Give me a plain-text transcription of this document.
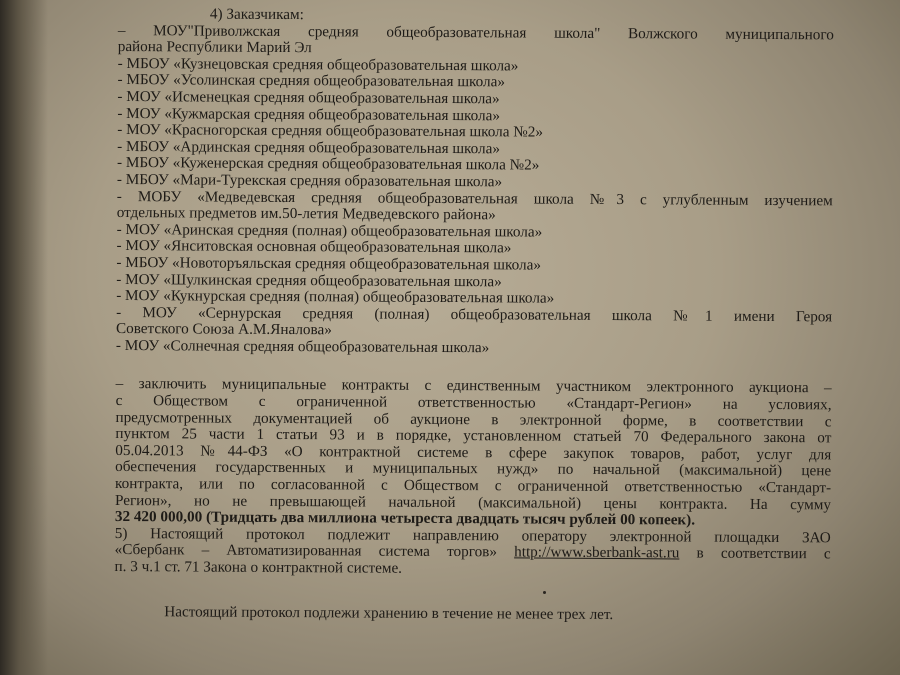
4) Заказчикам:
– МОУ"Приволжская средняя общеобразовательная школа" Волжского муниципального
района Республики Марий Эл
- МБОУ «Кузнецовская средняя общеобразовательная школа»
- МБОУ «Усолинская средняя общеобразовательная школа»
- МОУ «Исменецкая средняя общеобразовательная школа»
- МОУ «Кужмарская средняя общеобразовательная школа»
- МОУ «Красногорская средняя общеобразовательная школа №2»
- МБОУ «Ардинская средняя общеобразовательная школа»
- МБОУ «Куженерская средняя общеобразовательная школа №2»
- МБОУ «Мари-Турекская средняя образовательная школа»
- МОБУ «Медведевская средняя общеобразовательная школа №3 с углубленным изучением
отдельных предметов им.50-летия Медведевского района»
- МОУ «Аринская средняя (полная) общеобразовательная школа»
- МОУ «Янситовская основная общеобразовательная школа»
- МБОУ «Новоторъяльская средняя общеобразовательная школа»
- МОУ «Шулкинская средняя общеобразовательная школа»
- МОУ «Кукнурская средняя (полная) общеобразовательная школа»
- МОУ «Сернурская средняя (полная) общеобразовательная школа №1 имени Героя
Советского Союза А.М.Яналова»
- МОУ «Солнечная средняя общеобразовательная школа»
– заключить муниципальные контракты с единственным участником электронного аукциона –
с Обществом с ограниченной ответственностью «Стандарт-Регион» на условиях,
предусмотренных документацией об аукционе в электронной форме, в соответствии с
пунктом 25 части 1 статьи 93 и в порядке, установленном статьей 70 Федерального закона от
05.04.2013 №44-ФЗ «О контрактной системе в сфере закупок товаров, работ, услуг для
обеспечения государственных и муниципальных нужд» по начальной (максимальной) цене
контракта, или по согласованной с Обществом с ограниченной ответственностью «Стандарт-
Регион», но не превышающей начальной (максимальной) цены контракта. На сумму
32 420 000,00 (Тридцать два миллиона четыреста двадцать тысяч рублей 00 копеек).
5) Настоящий протокол подлежит направлению оператору электронной площадки ЗАО
«Сбербанк – Автоматизированная система торгов» http://www.sberbank-ast.ru в соответствии с
п. 3 ч.1 ст. 71 Закона о контрактной системе.
Настоящий протокол подлежи хранению в течение не менее трех лет.
